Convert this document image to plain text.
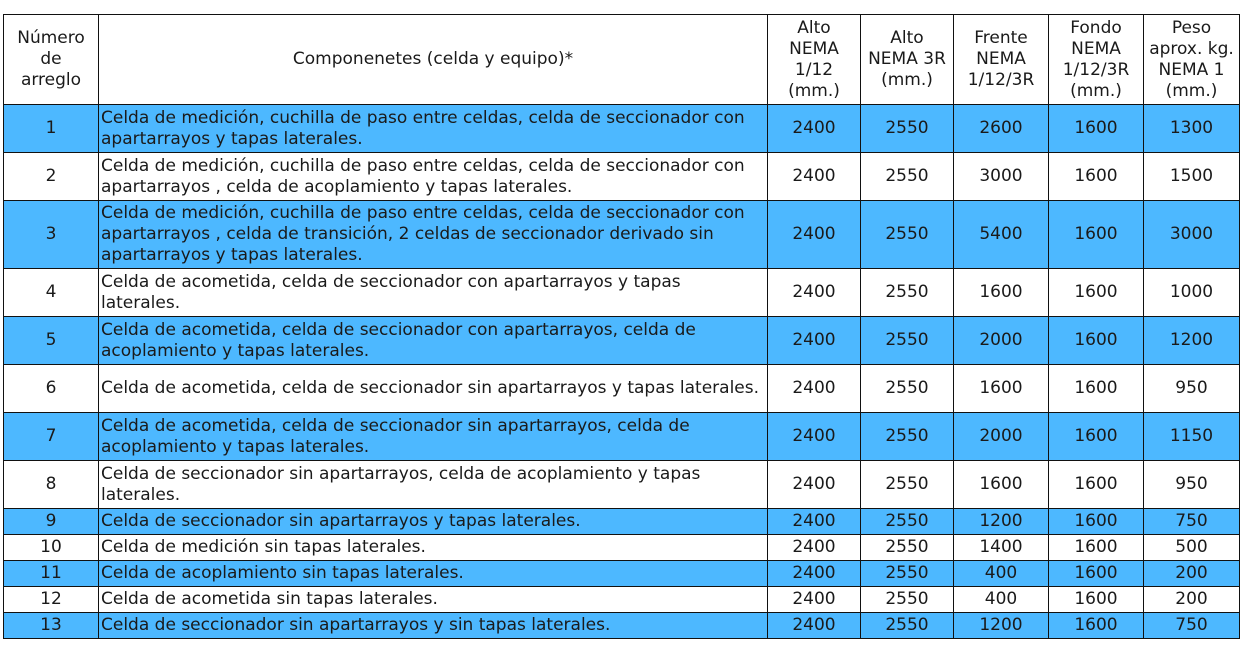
Número
de
arreglo	Componenetes (celda y equipo)*	Alto
NEMA
1/12
(mm.)	Alto
NEMA 3R
(mm.)	Frente
NEMA
1/12/3R	Fondo
NEMA
1/12/3R
(mm.)	Peso
aprox. kg.
NEMA 1
(mm.)

1	Celda de medición, cuchilla de paso entre celdas, celda de seccionador con apartarrayos y tapas laterales.	2400	2550	2600	1600	1300
2	Celda de medición, cuchilla de paso entre celdas, celda de seccionador con apartarrayos , celda de acoplamiento y tapas laterales.	2400	2550	3000	1600	1500
3	Celda de medición, cuchilla de paso entre celdas, celda de seccionador con apartarrayos , celda de transición, 2 celdas de seccionador derivado sin apartarrayos y tapas laterales.	2400	2550	5400	1600	3000
4	Celda de acometida, celda de seccionador con apartarrayos y tapas laterales.	2400	2550	1600	1600	1000
5	Celda de acometida, celda de seccionador con apartarrayos, celda de acoplamiento y tapas laterales.	2400	2550	2000	1600	1200
6	Celda de acometida, celda de seccionador sin apartarrayos y tapas laterales.	2400	2550	1600	1600	950
7	Celda de acometida, celda de seccionador sin apartarrayos, celda de acoplamiento y tapas laterales.	2400	2550	2000	1600	1150
8	Celda de seccionador sin apartarrayos, celda de acoplamiento y tapas laterales.	2400	2550	1600	1600	950
9	Celda de seccionador sin apartarrayos y tapas laterales.	2400	2550	1200	1600	750
10	Celda de medición sin tapas laterales.	2400	2550	1400	1600	500
11	Celda de acoplamiento sin tapas laterales.	2400	2550	400	1600	200
12	Celda de acometida sin tapas laterales.	2400	2550	400	1600	200
13	Celda de seccionador sin apartarrayos y sin tapas laterales.	2400	2550	1200	1600	750
